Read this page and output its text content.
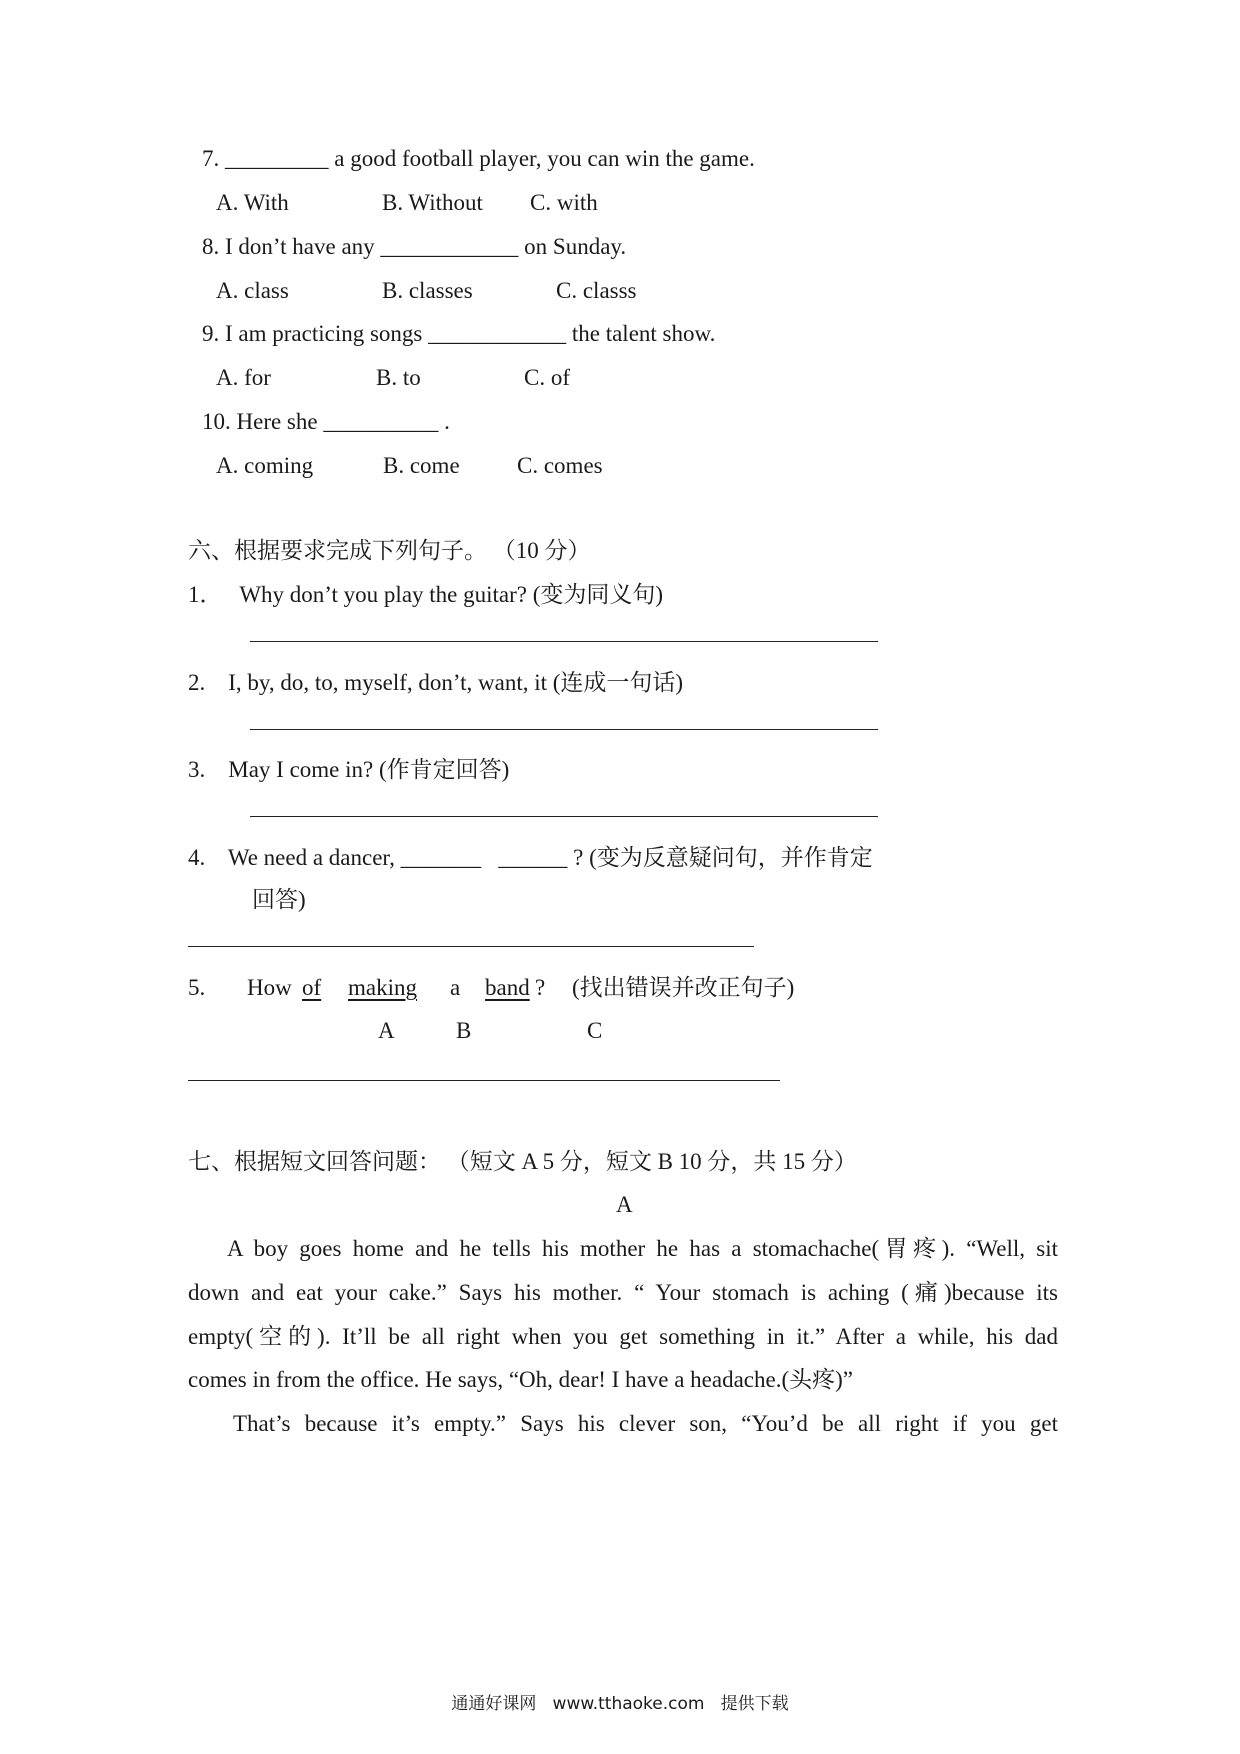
7. _________ a good football player, you can win the game.
A. With	B. Without C. with
8. I don’t have any ____________ on Sunday.
A. class	B. classes	C. classs
9. I am practicing songs ____________ the talent show.
A. for	B. to	C. of
10. Here she __________ .
A. coming	B. come C. comes
六、根据要求完成下列句子。 （10 分）
1．   Why don’t you play the guitar? (变为同义句)
2.    I, by, do, to, myself, don’t, want, it (连成一句话)
3.    May I come in? (作肯定回答)
4.    We need a dancer, _______   ______ ? (变为反意疑问句，并作肯定
回答)
5. How of making a band ? (找出错误并改正句子)
A	B	C
七、根据短文回答问题： （短文 A 5 分，短文 B 10 分，共 15 分）
A
A boy goes home and he tells his mother he has a stomachache(胃疼). “Well, sit
down and eat your cake.” Says his mother. “ Your stomach is aching (痛)because its
empty(空的). It’ll be all right when you get something in it.” After a while, his dad
comes in from the office. He says, “Oh, dear! I have a headache.(头疼)”
That’s because it’s empty.” Says his clever son, “You’d be all right if you get
通通好课网   www.tthaoke.com   提供下载
